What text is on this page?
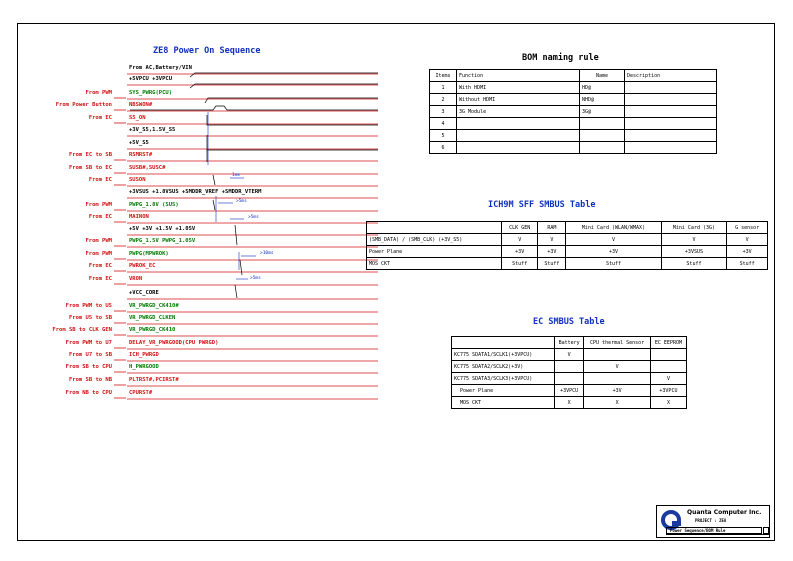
ZE8 Power On Sequence
From AC,Battery/VIN
+5VPCU +3VPCU
SYS_PWRG(PCU)
From PWM
NBSWON#
From Power Button
S5_ON
From EC
+3V_S5,1.5V_S5
+5V_S5
RSMRST#
From EC to SB
SUSB#,SUSC#
From SB to EC
SUSON
From EC
+3VSUS +1.8VSUS +SMDDR_VREF +SMDDR_VTERM
PWPG_1.8V (SUS)
From PWM
MAINON
From EC
+5V +3V +1.5V +1.05V
PWPG_1.5V PWPG_1.05V
From PWM
PWPG(MPWROK)
From PWM
PWROK_EC
From EC
VRON
From EC
+VCC_CORE
VR_PWRGD_CK410#
From PWM to U5
VR_PWRGD_CLKEN
From U5 to SB
VR_PWRGD_CK410
From SB to CLK GEN
DELAY_VR_PWRGOOD(CPU PWRGD)
From PWM to U7
ICH_PWRGD
From U7 to SB
H_PWRGOOD
From SB to CPU
PLTRST#,PCIRST#
From SB to NB
CPURST#
From NB to CPU
>5ms
>5ms
>10ms
>5ms
1ms
BOM naming rule
Items	Function	Name	Description
1	With HDMI	HD@	
2	Without HDMI	NHD@	
3	3G Module	3G@	
4			
5			
6			
ICH9M SFF SMBUS Table
	CLK GEN	RAM	Mini Card (WLAN/WMAX)	Mini Card (3G)	G sensor
(SMB_DATA) / (SMB_CLK) (+3V_S5)	V	V	V	V	V
Power Plane	+3V	+3V	+3V	+3VSUS	+3V
MOS CKT	Stuff	Stuff	Stuff	Stuff	Stuff
EC SMBUS Table
	Battery	CPU thermal Sensor	EC EEPROM
KC775 SDATA1/SCLK1(+3VPCU)	V		
KC775 SDATA2/SCLK2(+3V)		V	
KC775 SDATA3/SCLK3(+3VPCU)			V
Power Plane	+3VPCU	+3V	+3VPCU
MOS CKT	X	X	X
Quanta Computer Inc.
PROJECT : ZE8
Power Sequence/BOM Rule
